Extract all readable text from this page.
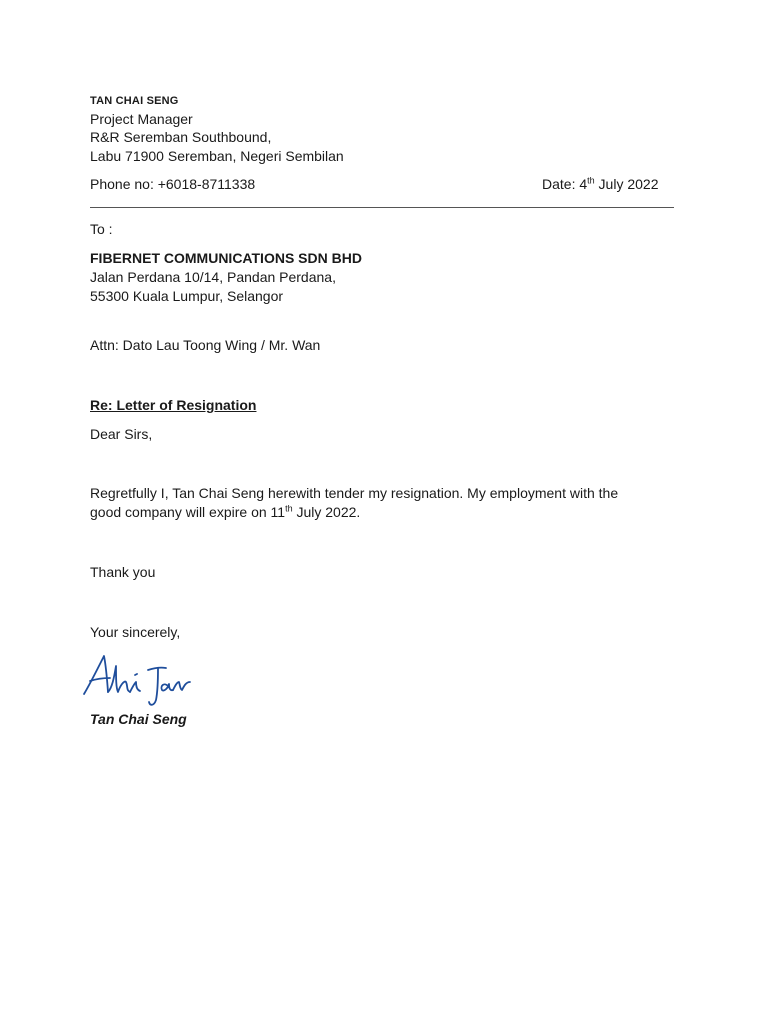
TAN CHAI SENG
Project Manager
R&R Seremban Southbound,
Labu 71900 Seremban, Negeri Sembilan
Phone no: +6018-8711338	Date: 4th July 2022
To :
FIBERNET COMMUNICATIONS SDN BHD
Jalan Perdana 10/14, Pandan Perdana,
55300 Kuala Lumpur, Selangor
Attn: Dato Lau Toong Wing / Mr. Wan
Re: Letter of Resignation
Dear Sirs,
Regretfully I, Tan Chai Seng herewith tender my resignation. My employment with the
good company will expire on 11th July 2022.
Thank you
Your sincerely,
Tan Chai Seng
